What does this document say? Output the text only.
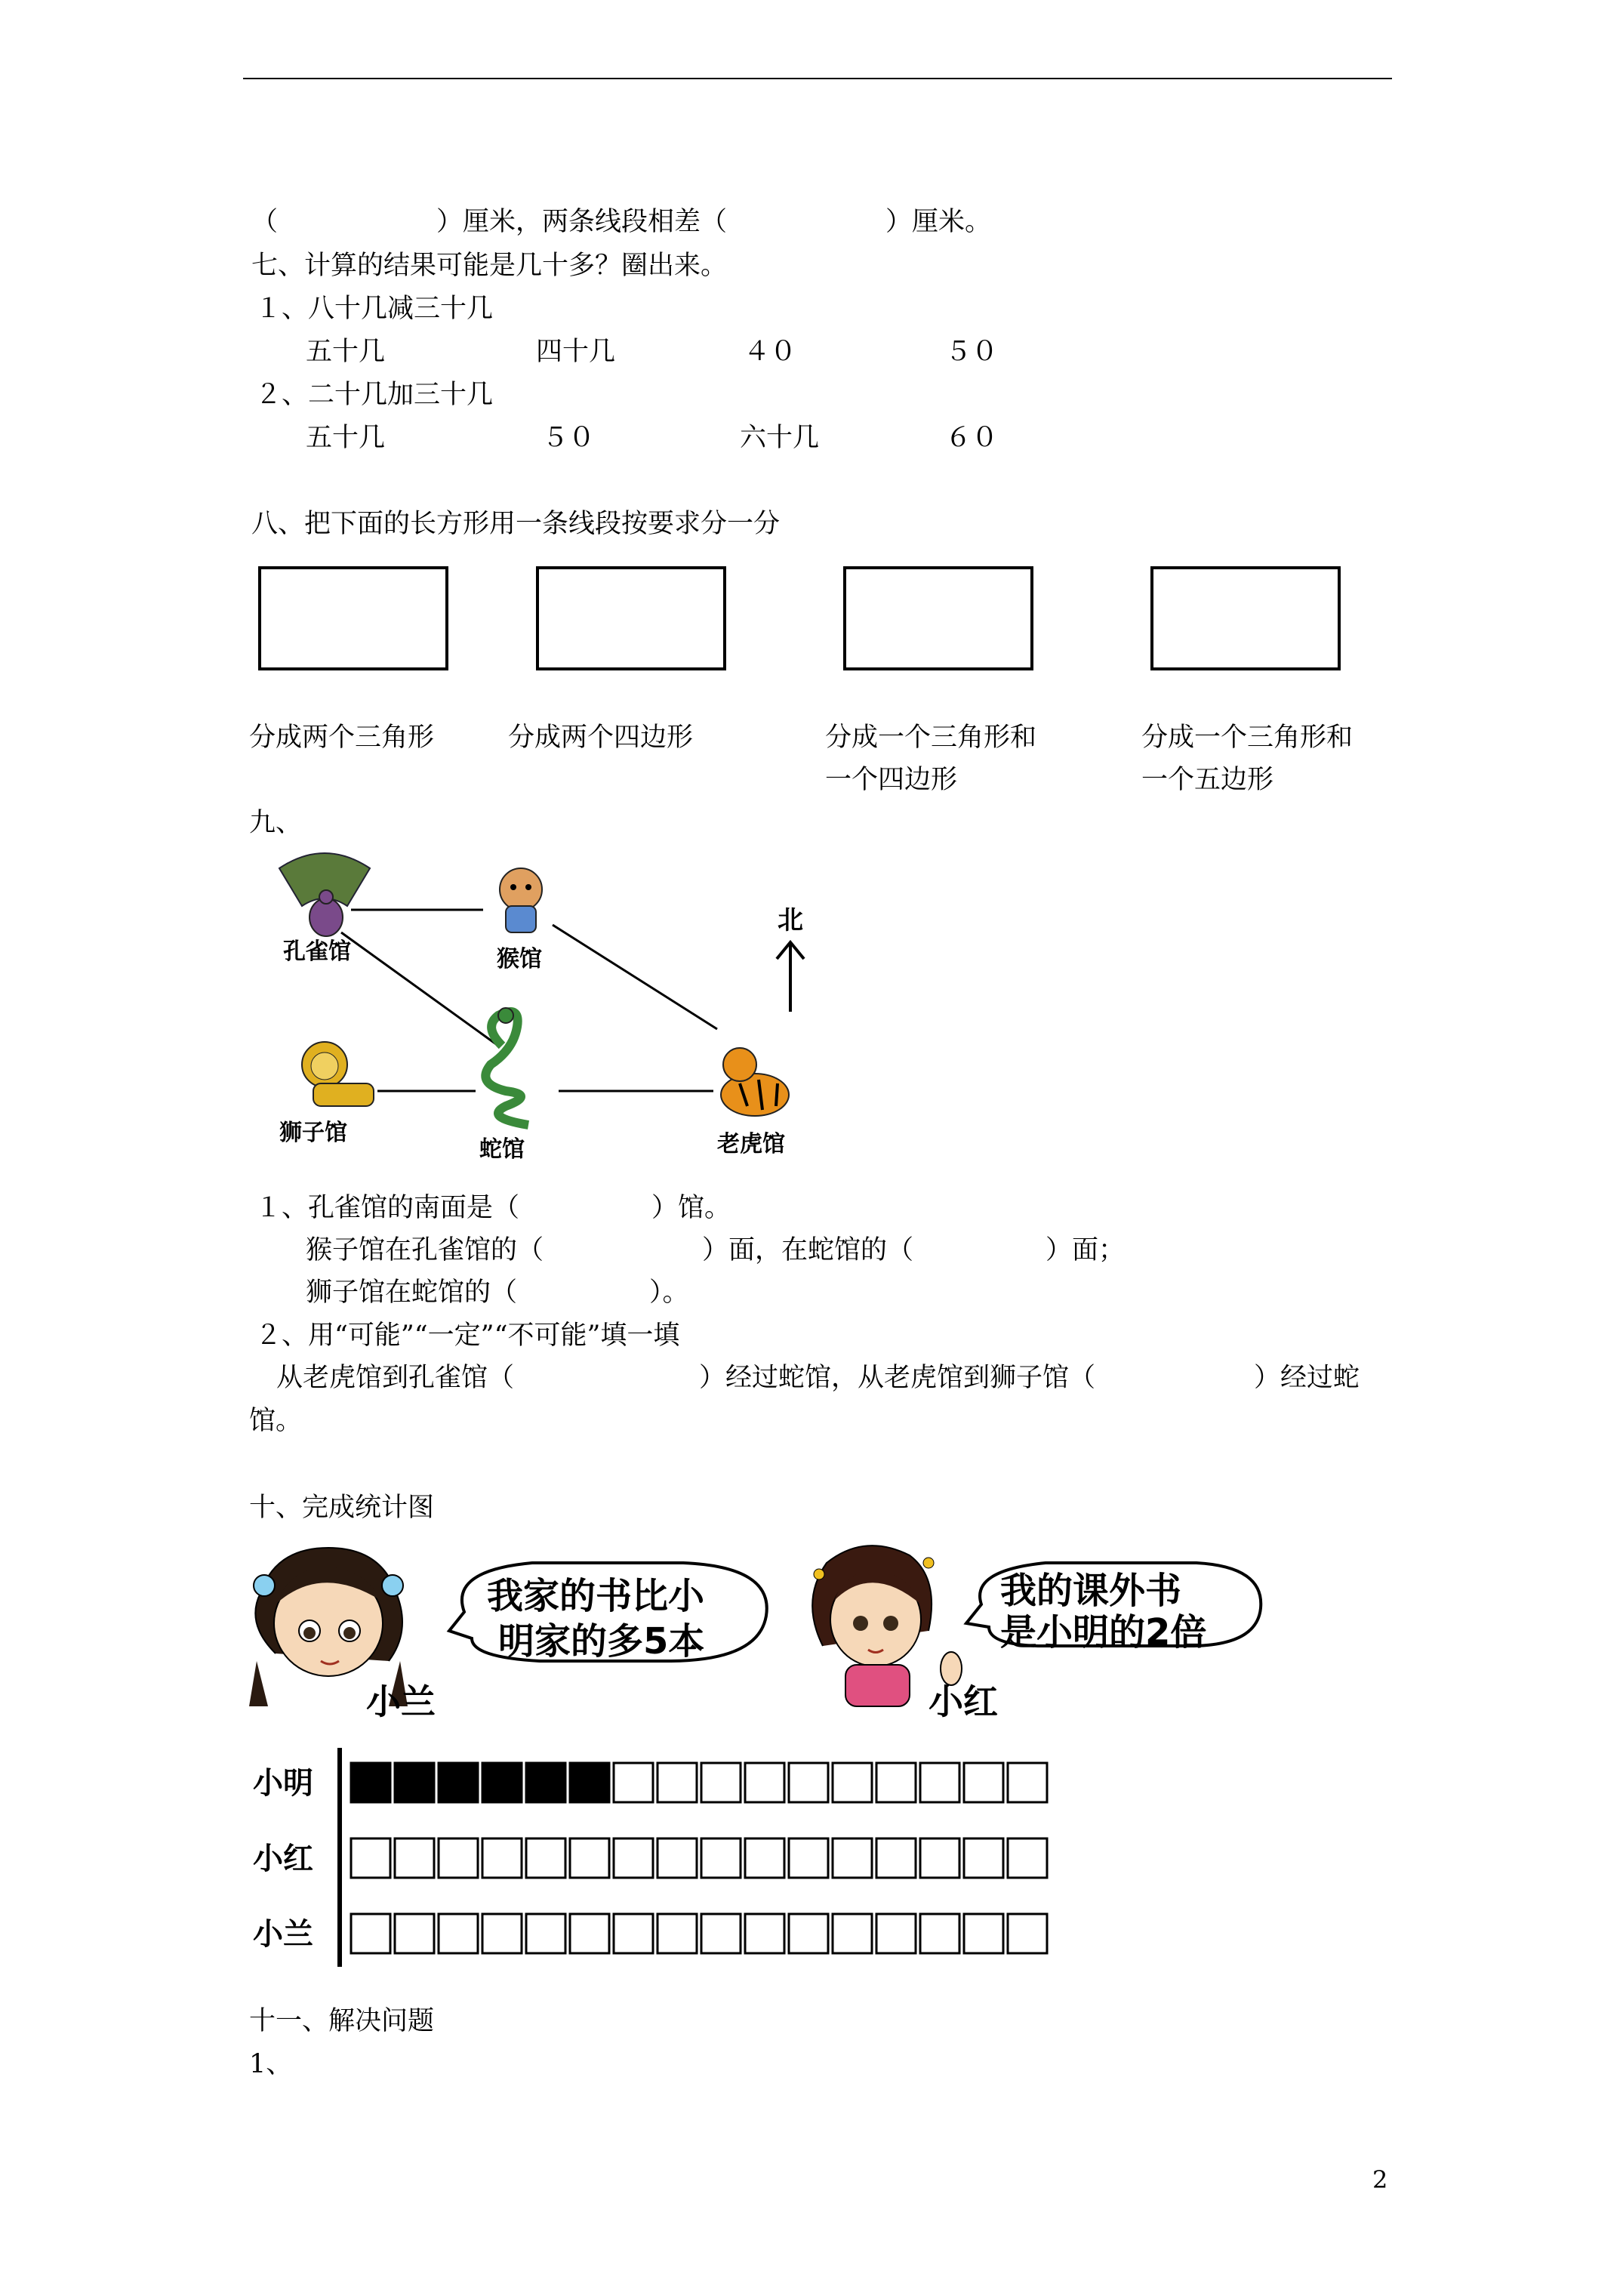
（　　　　　　）厘米，两条线段相差（　　　　　　）厘米。
七、计算的结果可能是几十多？圈出来。
１、八十几减三十几
五十几	四十几	４０	５０
２、二十几加三十几
五十几	５０	六十几	６０
八、把下面的长方形用一条线段按要求分一分
分成两个三角形	分成两个四边形	分成一个三角形和
一个四边形
分成一个三角形和
一个五边形
九、
孔雀馆	猴馆
狮子馆
蛇馆	老虎馆
北
１、孔雀馆的南面是（　　　　　）馆。
猴子馆在孔雀馆的（　　　　　　）面，在蛇馆的（　　　　　）面；
狮子馆在蛇馆的（　　　　　）。
２、用“可能”“一定”“不可能”填一填
从老虎馆到孔雀馆（　　　　　　　）经过蛇馆，从老虎馆到狮子馆（　　　　　　）经过蛇
馆。
十、完成统计图
我家的书比小
明家的多5本
小兰
我的课外书
是小明的2倍
小红
小明
小红
小兰
十一、解决问题
1、
2
